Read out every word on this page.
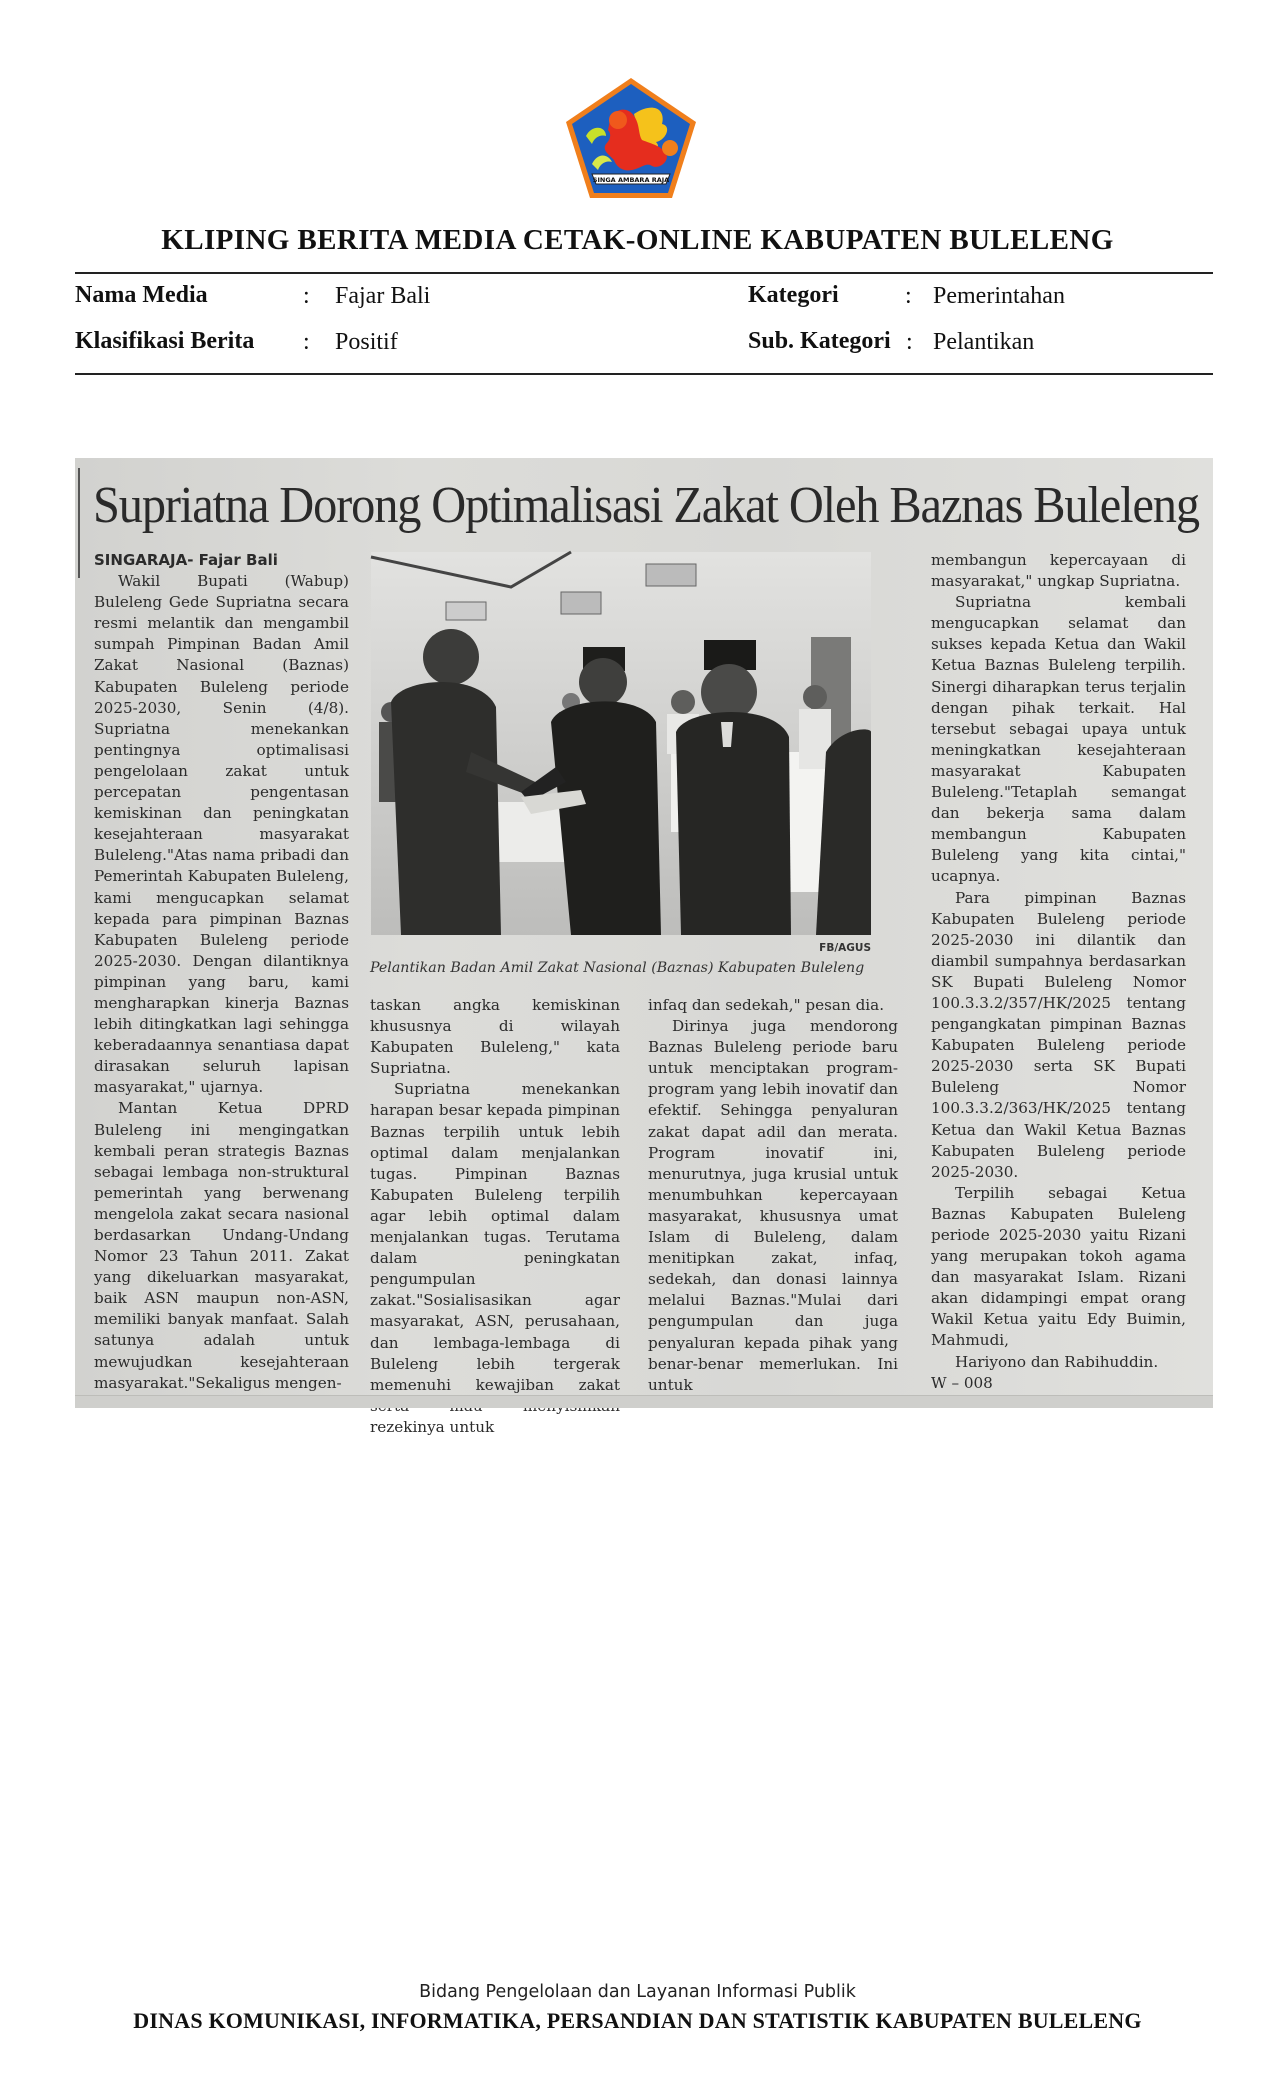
SINGA AMBARA RAJA
KLIPING BERITA MEDIA CETAK-ONLINE KABUPATEN BULELENG
Nama Media	: Fajar Bali
Klasifikasi Berita : Positif
Kategori	: Pemerintahan
Sub. Kategori : Pelantikan
Supriatna Dorong Optimalisasi Zakat Oleh Baznas Buleleng

SINGARAJA- Fajar Bali

Wakil Bupati (Wabup) Buleleng Gede Supriatna secara resmi melantik dan mengambil sumpah Pimpinan Badan Amil Zakat Nasional (Baznas) Kabupaten Buleleng periode 2025-2030, Senin (4/8). Supriatna menekankan pentingnya optimalisasi pengelolaan zakat untuk percepatan pengentasan kemiskinan dan peningkatan kesejahteraan masyarakat Buleleng."Atas nama pribadi dan Pemerintah Kabupaten Buleleng, kami mengucapkan selamat kepada para pimpinan Baznas Kabupaten Buleleng periode 2025-2030. Dengan dilantiknya pimpinan yang baru, kami mengharapkan kinerja Baznas lebih ditingkatkan lagi sehingga keberadaannya senantiasa dapat dirasakan seluruh lapisan masyarakat," ujarnya.

Mantan Ketua DPRD Buleleng ini mengingatkan kembali peran strategis Baznas sebagai lembaga non-struktural pemerintah yang berwenang mengelola zakat secara nasional berdasarkan Undang-Undang Nomor 23 Tahun 2011. Zakat yang dikeluarkan masyarakat, baik ASN maupun non-ASN, memiliki banyak manfaat. Salah satunya adalah untuk mewujudkan kesejahteraan masyarakat."Sekaligus mengen-

FB/AGUS
Pelantikan Badan Amil Zakat Nasional (Baznas) Kabupaten Buleleng

taskan angka kemiskinan khususnya di wilayah Kabupaten Buleleng," kata Supriatna.

Supriatna menekankan harapan besar kepada pimpinan Baznas terpilih untuk lebih optimal dalam menjalankan tugas. Pimpinan Baznas Kabupaten Buleleng terpilih agar lebih optimal dalam menjalankan tugas. Terutama dalam peningkatan pengumpulan zakat."Sosialisasikan agar masyarakat, ASN, perusahaan, dan lembaga-lembaga di Buleleng lebih tergerak memenuhi kewajiban zakat rezekinya untuk

infaq dan sedekah," pesan dia.

Dirinya juga mendorong Baznas Buleleng periode baru untuk menciptakan program-program yang lebih inovatif dan efektif. Sehingga penyaluran zakat dapat adil dan merata. Program inovatif ini, menurutnya, juga krusial untuk menumbuhkan kepercayaan masyarakat, khususnya umat Islam di Buleleng, dalam menitipkan zakat, infaq, sedekah, dan donasi lainnya melalui Baznas."Mulai dari pengumpulan dan juga penyaluran kepada pihak yang benar-benar memerlukan. Ini untuk

membangun kepercayaan di masyarakat," ungkap Supriatna.

Supriatna kembali mengucapkan selamat dan sukses kepada Ketua dan Wakil Ketua Baznas Buleleng terpilih. Sinergi diharapkan terus terjalin dengan pihak terkait. Hal tersebut sebagai upaya untuk meningkatkan kesejahteraan masyarakat Kabupaten Buleleng."Tetaplah semangat dan bekerja sama dalam membangun Kabupaten Buleleng yang kita cintai," ucapnya.

Para pimpinan Baznas Kabupaten Buleleng periode 2025-2030 ini dilantik dan diambil sumpahnya berdasarkan SK Bupati Buleleng Nomor 100.3.3.2/357/HK/2025 tentang pengangkatan pimpinan Baznas Kabupaten Buleleng periode 2025-2030 serta SK Bupati Buleleng Nomor 100.3.3.2/363/HK/2025 tentang Ketua dan Wakil Ketua Baznas Kabupaten Buleleng periode 2025-2030.

Terpilih sebagai Ketua Baznas Kabupaten Buleleng periode 2025-2030 yaitu Rizani yang merupakan tokoh agama dan masyarakat Islam. Rizani akan didampingi empat orang Wakil Ketua yaitu Edy Buimin, Mahmudi,

Hariyono dan Rabihuddin.

W – 008

Bidang Pengelolaan dan Layanan Informasi Publik
DINAS KOMUNIKASI, INFORMATIKA, PERSANDIAN DAN STATISTIK KABUPATEN BULELENG
